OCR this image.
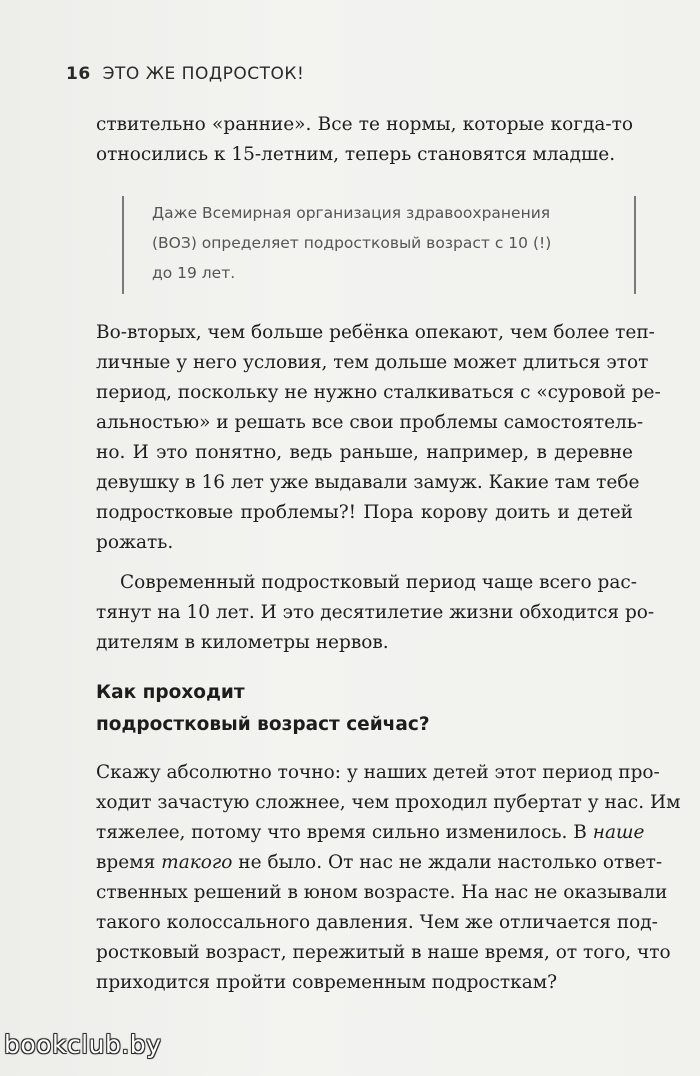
16 ЭТО ЖЕ ПОДРОСТОК!
ствительно «ранние». Все те нормы, которые когда-то
относились к 15-летним, теперь становятся младше.
Даже Всемирная организация здравоохранения
(ВОЗ) определяет подростковый возраст с 10 (!)
до 19 лет.
Во-вторых, чем больше ребёнка опекают, чем более теп-
личные у него условия, тем дольше может длиться этот
период, поскольку не нужно сталкиваться с «суровой ре-
альностью» и решать все свои проблемы самостоятель-
но. И это понятно, ведь раньше, например, в деревне
девушку в 16 лет уже выдавали замуж. Какие там тебе
подростковые проблемы?! Пора корову доить и детей
рожать.
Современный подростковый период чаще всего рас-
тянут на 10 лет. И это десятилетие жизни обходится ро-
дителям в километры нервов.
Как проходит
подростковый возраст сейчас?
Скажу абсолютно точно: у наших детей этот период про-
ходит зачастую сложнее, чем проходил пубертат у нас. Им
тяжелее, потому что время сильно изменилось. В наше
время такого не было. От нас не ждали настолько ответ-
ственных решений в юном возрасте. На нас не оказывали
такого колоссального давления. Чем же отличается под-
ростковый возраст, пережитый в наше время, от того, что
приходится пройти современным подросткам?
bookclub.by
